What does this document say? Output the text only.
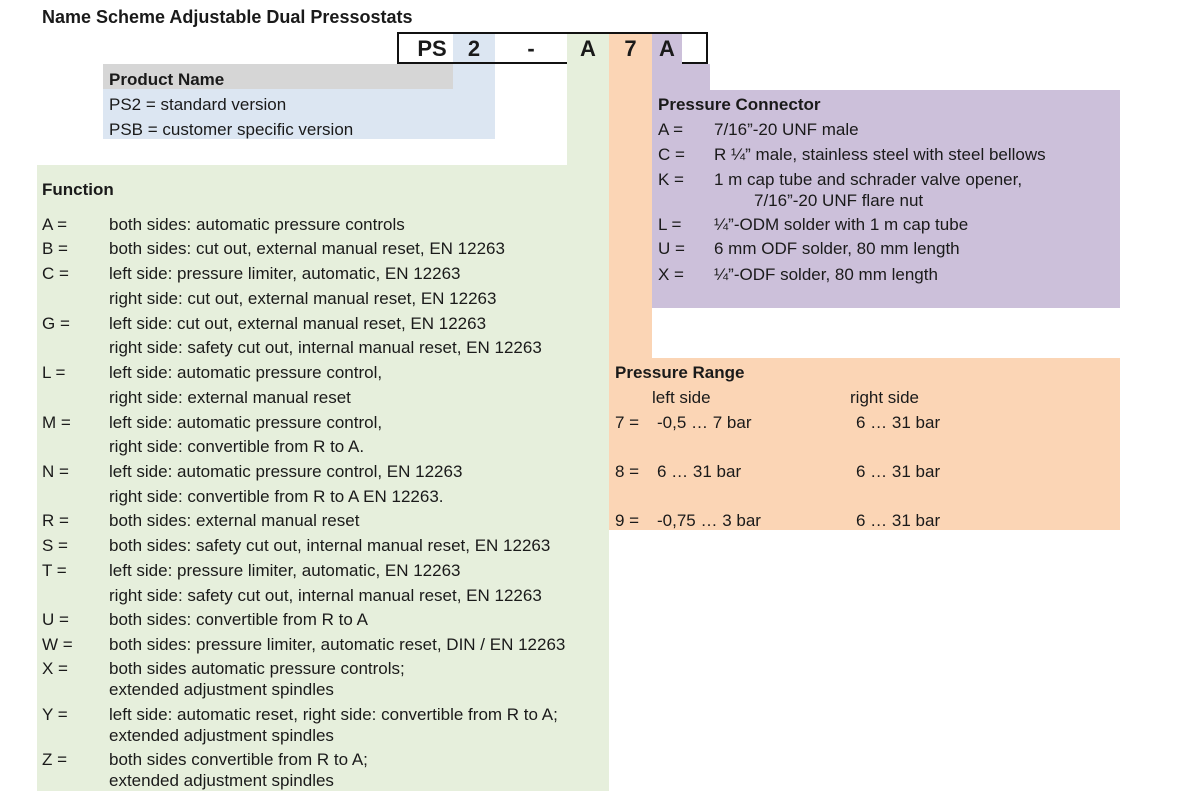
Name Scheme Adjustable Dual Pressostats
PS 2	-	A	7	A
Product Name
PS2 = standard version
PSB = customer specific version
Pressure Connector
A = 7/16”-20 UNF male
C = R ¼” male, stainless steel with steel bellows
K = 1 m cap tube and schrader valve opener,
7/16”-20 UNF flare nut
L = ¼”-ODM solder with 1 m cap tube
U = 6 mm ODF solder, 80 mm length
X = ¼”-ODF solder, 80 mm length
Pressure Range
left side	right side
7 = -0,5 … 7 bar	6 … 31 bar
8 = 6 … 31 bar	6 … 31 bar
9 = -0,75 … 3 bar	6 … 31 bar
Function
A = both sides: automatic pressure controls
B = both sides: cut out, external manual reset, EN 12263
C = left side: pressure limiter, automatic, EN 12263
right side: cut out, external manual reset, EN 12263
G = left side: cut out, external manual reset, EN 12263
right side: safety cut out, internal manual reset, EN 12263
L =	left side: automatic pressure control,
right side: external manual reset
M = left side: automatic pressure control,
right side: convertible from R to A.
N = left side: automatic pressure control, EN 12263
right side: convertible from R to A EN 12263.
R = both sides: external manual reset
S = both sides: safety cut out, internal manual reset, EN 12263
T = left side: pressure limiter, automatic, EN 12263
right side: safety cut out, internal manual reset, EN 12263
U = both sides: convertible from R to A
W = both sides: pressure limiter, automatic reset, DIN / EN 12263
X = both sides automatic pressure controls;
extended adjustment spindles
Y = left side: automatic reset, right side: convertible from R to A;
extended adjustment spindles
Z = both sides convertible from R to A;
extended adjustment spindles
